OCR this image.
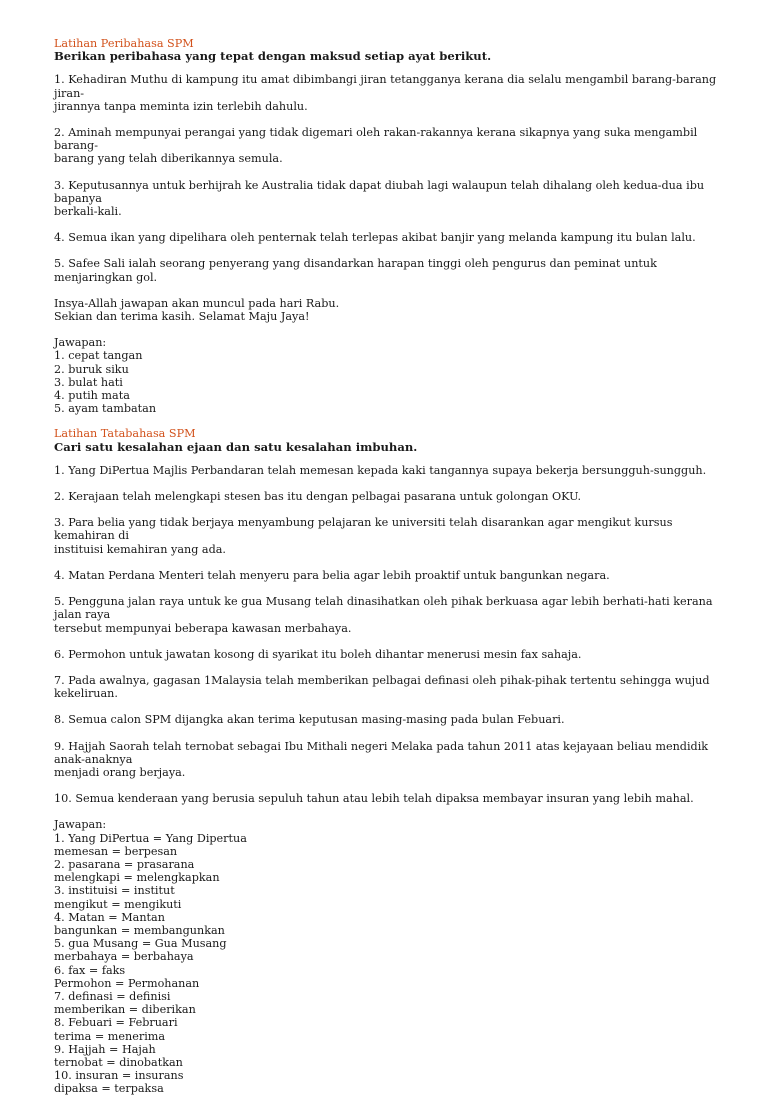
Latihan Peribahasa SPM
Berikan peribahasa yang tepat dengan maksud setiap ayat berikut.
1. Kehadiran Muthu di kampung itu amat dibimbangi jiran tetangganya kerana dia selalu mengambil barang-barang jiran-
jirannya tanpa meminta izin terlebih dahulu.
2. Aminah mempunyai perangai yang tidak digemari oleh rakan-rakannya kerana sikapnya yang suka mengambil barang-
barang yang telah diberikannya semula.
3. Keputusannya untuk berhijrah ke Australia tidak dapat diubah lagi walaupun telah dihalang oleh kedua-dua ibu bapanya
berkali-kali.
4. Semua ikan yang dipelihara oleh penternak telah terlepas akibat banjir yang melanda kampung itu bulan lalu.
5. Safee Sali ialah seorang penyerang yang disandarkan harapan tinggi oleh pengurus dan peminat untuk menjaringkan gol.
Insya-Allah jawapan akan muncul pada hari Rabu.
Sekian dan terima kasih. Selamat Maju Jaya!
Jawapan:
1. cepat tangan
2. buruk siku
3. bulat hati
4. putih mata
5. ayam tambatan
Latihan Tatabahasa SPM
Cari satu kesalahan ejaan dan satu kesalahan imbuhan.
1. Yang DiPertua Majlis Perbandaran telah memesan kepada kaki tangannya supaya bekerja bersungguh-sungguh.
2. Kerajaan telah melengkapi stesen bas itu dengan pelbagai pasarana untuk golongan OKU.
3. Para belia yang tidak berjaya menyambung pelajaran ke universiti telah disarankan agar mengikut kursus kemahiran di
instituisi kemahiran yang ada.
4. Matan Perdana Menteri telah menyeru para belia agar lebih proaktif untuk bangunkan negara.
5. Pengguna jalan raya untuk ke gua Musang telah dinasihatkan oleh pihak berkuasa agar lebih berhati-hati kerana jalan raya
tersebut mempunyai beberapa kawasan merbahaya.
6. Permohon untuk jawatan kosong di syarikat itu boleh dihantar menerusi mesin fax sahaja.
7. Pada awalnya, gagasan 1Malaysia telah memberikan pelbagai definasi oleh pihak-pihak tertentu sehingga wujud kekeliruan.
8. Semua calon SPM dijangka akan terima keputusan masing-masing pada bulan Febuari.
9. Hajjah Saorah telah ternobat sebagai Ibu Mithali negeri Melaka pada tahun 2011 atas kejayaan beliau mendidik anak-anaknya
menjadi orang berjaya.
10. Semua kenderaan yang berusia sepuluh tahun atau lebih telah dipaksa membayar insuran yang lebih mahal.
Jawapan:
1. Yang DiPertua = Yang Dipertua
memesan = berpesan
2. pasarana = prasarana
melengkapi = melengkapkan
3. instituisi = institut
mengikut = mengikuti
4. Matan = Mantan
bangunkan = membangunkan
5. gua Musang = Gua Musang
merbahaya = berbahaya
6. fax = faks
Permohon = Permohanan
7. definasi = definisi
memberikan = diberikan
8. Febuari = Februari
terima = menerima
9. Hajjah = Hajah
ternobat = dinobatkan
10. insuran = insurans
dipaksa = terpaksa
